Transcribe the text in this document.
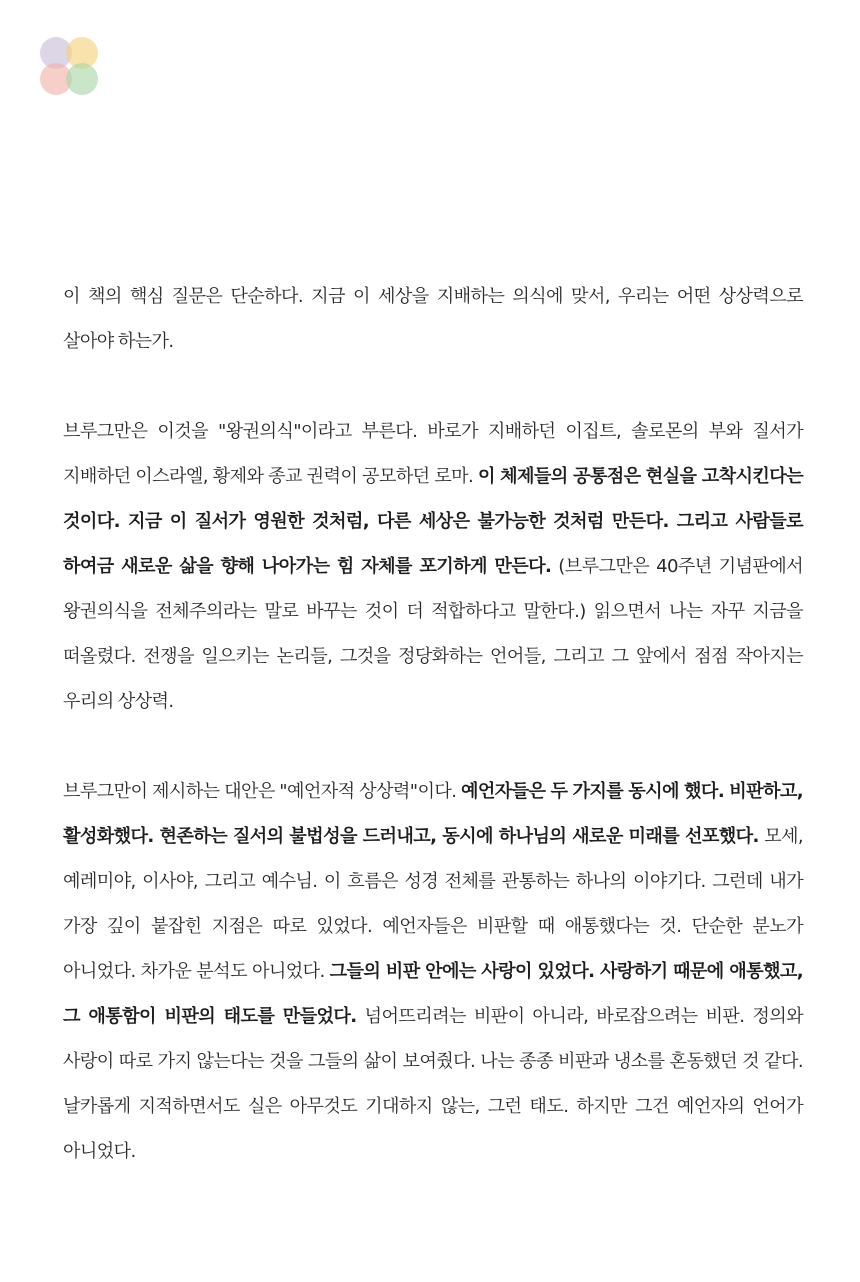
이 책의 핵심 질문은 단순하다. 지금 이 세상을 지배하는 의식에 맞서, 우리는 어떤 상상력으로 살아야 하는가.

브루그만은 이것을 "왕권의식"이라고 부른다. 바로가 지배하던 이집트, 솔로몬의 부와 질서가 지배하던 이스라엘, 황제와 종교 권력이 공모하던 로마. 이 체제들의 공통점은 현실을 고착시킨다는 것이다. 지금 이 질서가 영원한 것처럼, 다른 세상은 불가능한 것처럼 만든다. 그리고 사람들로 하여금 새로운 삶을 향해 나아가는 힘 자체를 포기하게 만든다. (브루그만은 40주년 기념판에서 왕권의식을 전체주의라는 말로 바꾸는 것이 더 적합하다고 말한다.) 읽으면서 나는 자꾸 지금을 떠올렸다. 전쟁을 일으키는 논리들, 그것을 정당화하는 언어들, 그리고 그 앞에서 점점 작아지는 우리의 상상력.

브루그만이 제시하는 대안은 "예언자적 상상력"이다. 예언자들은 두 가지를 동시에 했다. 비판하고, 활성화했다. 현존하는 질서의 불법성을 드러내고, 동시에 하나님의 새로운 미래를 선포했다. 모세, 예레미야, 이사야, 그리고 예수님. 이 흐름은 성경 전체를 관통하는 하나의 이야기다. 그런데 내가 가장 깊이 붙잡힌 지점은 따로 있었다. 예언자들은 비판할 때 애통했다는 것. 단순한 분노가 아니었다. 차가운 분석도 아니었다. 그들의 비판 안에는 사랑이 있었다. 사랑하기 때문에 애통했고, 그 애통함이 비판의 태도를 만들었다. 넘어뜨리려는 비판이 아니라, 바로잡으려는 비판. 정의와 사랑이 따로 가지 않는다는 것을 그들의 삶이 보여줬다. 나는 종종 비판과 냉소를 혼동했던 것 같다. 날카롭게 지적하면서도 실은 아무것도 기대하지 않는, 그런 태도. 하지만 그건 예언자의 언어가 아니었다.
